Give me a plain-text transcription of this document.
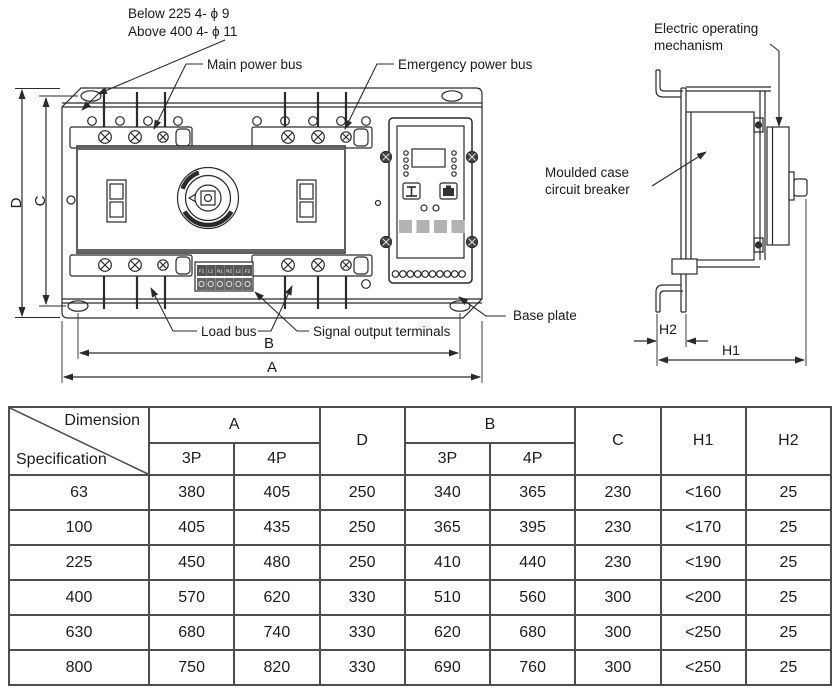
F1 L1 N1 N2 L2 F2
Below 225 4- ϕ 9
Above 400 4- ϕ 11
Main power bus	Emergency power bus
Load bus	Signal output terminals
Base plate
Electric operating
mechanism
Moulded case
circuit breaker
D C
B
A
H2
H1
Dimension
Specification	A		D	B		C	H1	H2
	3P	4P		3P	4P			
63	380	405	250	340	365	230	<160	25
100	405	435	250	365	395	230	<170	25
225	450	480	250	410	440	230	<190	25
400	570	620	330	510	560	300	<200	25
630	680	740	330	620	680	300	<250	25
800	750	820	330	690	760	300	<250	25
